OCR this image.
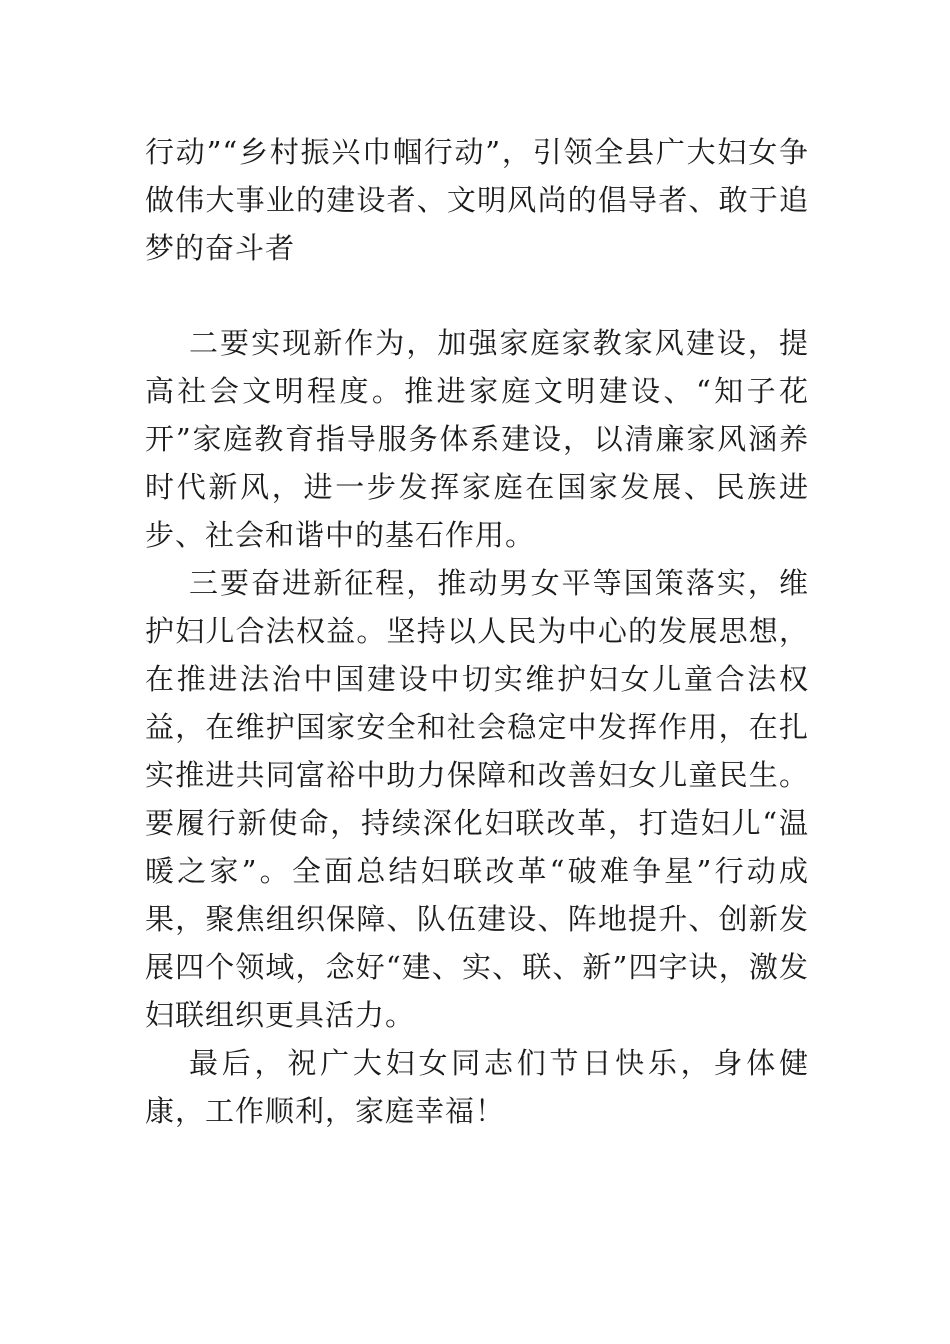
行动”“乡村振兴巾帼行动”，引领全县广大妇女争做伟大事业的建设者、文明风尚的倡导者、敢于追梦的奋斗者

二要实现新作为，加强家庭家教家风建设，提高社会文明程度。推进家庭文明建设、“知子花开”家庭教育指导服务体系建设，以清廉家风涵养时代新风，进一步发挥家庭在国家发展、民族进步、社会和谐中的基石作用。

三要奋进新征程，推动男女平等国策落实，维护妇儿合法权益。坚持以人民为中心的发展思想，在推进法治中国建设中切实维护妇女儿童合法权益，在维护国家安全和社会稳定中发挥作用，在扎实推进共同富裕中助力保障和改善妇女儿童民生。要履行新使命，持续深化妇联改革，打造妇儿“温暖之家”。全面总结妇联改革“破难争星”行动成果，聚焦组织保障、队伍建设、阵地提升、创新发展四个领域，念好“建、实、联、新”四字诀，激发妇联组织更具活力。

最后，祝广大妇女同志们节日快乐，身体健康，工作顺利，家庭幸福！
